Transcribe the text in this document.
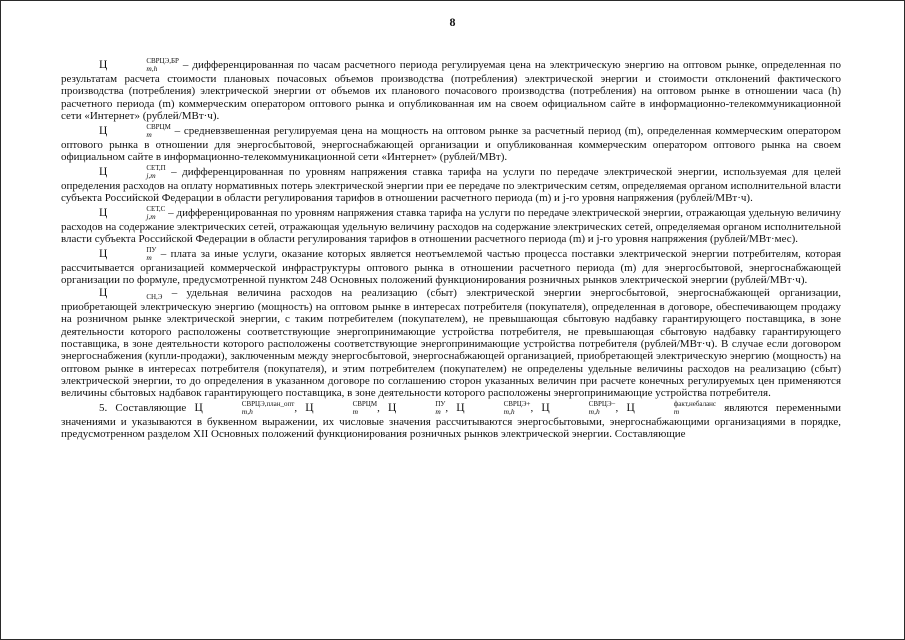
8

Ц	СВРЦЭ,БР
m,h	– дифференцированная по часам расчетного периода регулируемая цена на электрическую энергию на оптовом рынке, определенная по результатам расчета стоимости плановых почасовых объемов производства (потребления) электрической энергии и стоимости отклонений фактического производства (потребления) электрической энергии от объемов их планового почасового производства (потребления) на оптовом рынке в отношении часа (h) расчетного периода (m) коммерческим оператором оптового рынка и опубликованная им на своем официальном сайте в информационно-телекоммуникационной сети «Интернет» (рублей/МВт·ч).

Ц	СВРЦМ
m	– средневзвешенная регулируемая цена на мощность на оптовом рынке за расчетный период (m), определенная коммерческим оператором оптового рынка в отношении для энергосбытовой, энергоснабжающей организации и опубликованная коммерческим оператором оптового рынка на своем официальном сайте в информационно-телекоммуникационной сети «Интернет» (рублей/МВт).

Ц	СЕТ,П
j,m	– дифференцированная по уровням напряжения ставка тарифа на услуги по передаче электрической энергии, используемая для целей определения расходов на оплату нормативных потерь электрической энергии при ее передаче по электрическим сетям, определяемая органом исполнительной власти субъекта Российской Федерации в области регулирования тарифов в отношении расчетного периода (m) и j-го уровня напряжения (рублей/МВт·ч).

Ц	СЕТ,С
j,m	– дифференцированная по уровням напряжения ставка тарифа на услуги по передаче электрической энергии, отражающая удельную величину расходов на содержание электрических сетей, отражающая удельную величину расходов на содержание электрических сетей, определяемая органом исполнительной власти субъекта Российской Федерации в области регулирования тарифов в отношении расчетного периода (m) и j-го уровня напряжения (рублей/МВт·мес).

Ц	ПУ
m – плата за иные услуги, оказание которых является неотъемлемой частью процесса поставки электрической энергии потребителям, которая рассчитывается организацией коммерческой инфраструктуры оптового рынка в отношении расчетного периода (m) для энергосбытовой, энергоснабжающей организации по формуле, предусмотренной пунктом 248 Основных положений функционирования розничных рынков электрической энергии (рублей/МВт·ч).

Ц	СН,Э – удельная величина расходов на реализацию (сбыт) электрической энергии энергосбытовой, энергоснабжающей организации, приобретающей электрическую энергию (мощность) на оптовом рынке в интересах потребителя (покупателя), определенная в договоре, обеспечивающем продажу на розничном рынке электрической энергии, с таким потребителем (покупателем), не превышающая сбытовую надбавку гарантирующего поставщика, в зоне деятельности которого расположены соответствующие энергопринимающие устройства потребителя, не превышающая сбытовую надбавку гарантирующего поставщика, в зоне деятельности которого расположены соответствующие энергопринимающие устройства потребителя (рублей/МВт·ч). В случае если договором энергоснабжения (купли-продажи), заключенным между энергосбытовой, энергоснабжающей организацией, приобретающей электрическую энергию (мощность) на оптовом рынке в интересах потребителя (покупателя), и этим потребителем (покупателем) не определены удельные величины расходов на реализацию (сбыт) электрической энергии, то до определения в указанном договоре по соглашению сторон указанных величин при расчете конечных регулируемых цен применяются величины сбытовых надбавок гарантирующего поставщика, в зоне деятельности которого расположены энергопринимающие устройства потребителя.

5. Составляющие Ц	СВРЦЭ,план_опт
m,h	, Ц	СВРЦМ
m	, Ц	ПУ
m , Ц	СВРЦЭ+
m,h	, Ц	СВРЦЭ−
m,h	, Ц	факт,небаланс
m	являются переменными значениями и указываются в буквенном выражении, их числовые значения рассчитываются энергосбытовыми, энергоснабжающими организациями в порядке, предусмотренном разделом XII Основных положений функционирования розничных рынков электрической энергии. Составляющие
